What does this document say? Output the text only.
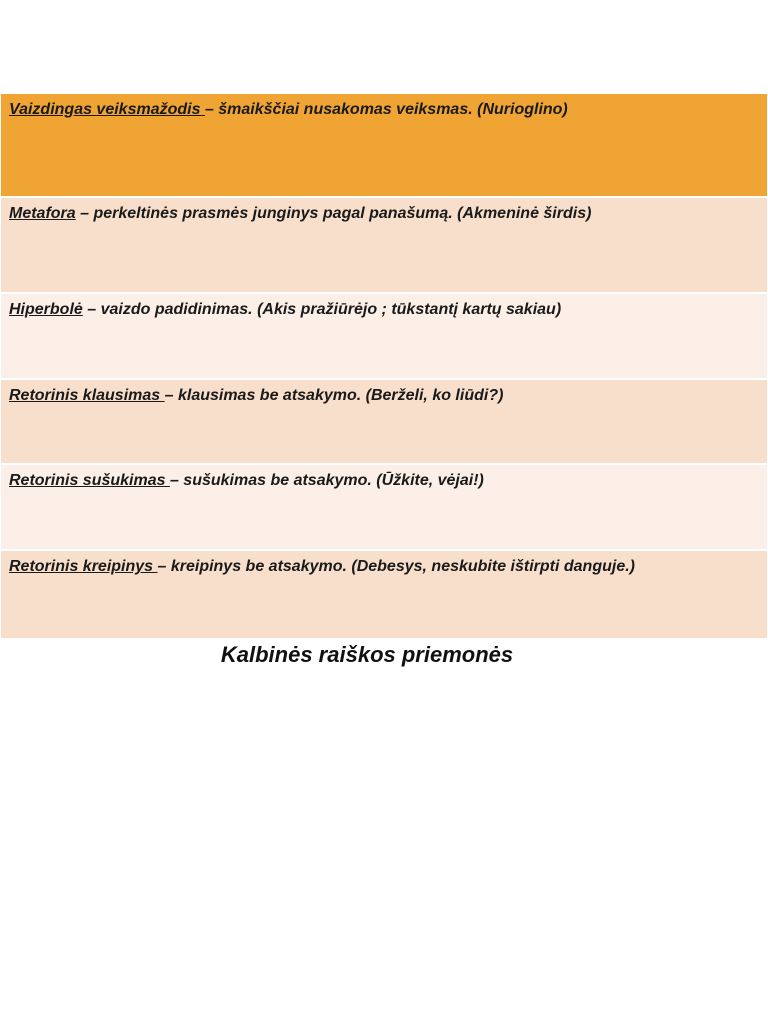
Vaizdingas veiksmažodis – šmaikščiai nusakomas veiksmas. (Nurioglino)
Metafora – perkeltinės prasmės junginys pagal panašumą. (Akmeninė širdis)
Hiperbolė – vaizdo padidinimas. (Akis pražiūrėjo ; tūkstantį kartų sakiau)
Retorinis klausimas – klausimas be atsakymo. (Berželi, ko liūdi?)
Retorinis sušukimas – sušukimas be atsakymo. (Ūžkite, vėjai!)
Retorinis kreipinys – kreipinys be atsakymo. (Debesys, neskubite ištirpti danguje.)
Kalbinės raiškos priemonės
